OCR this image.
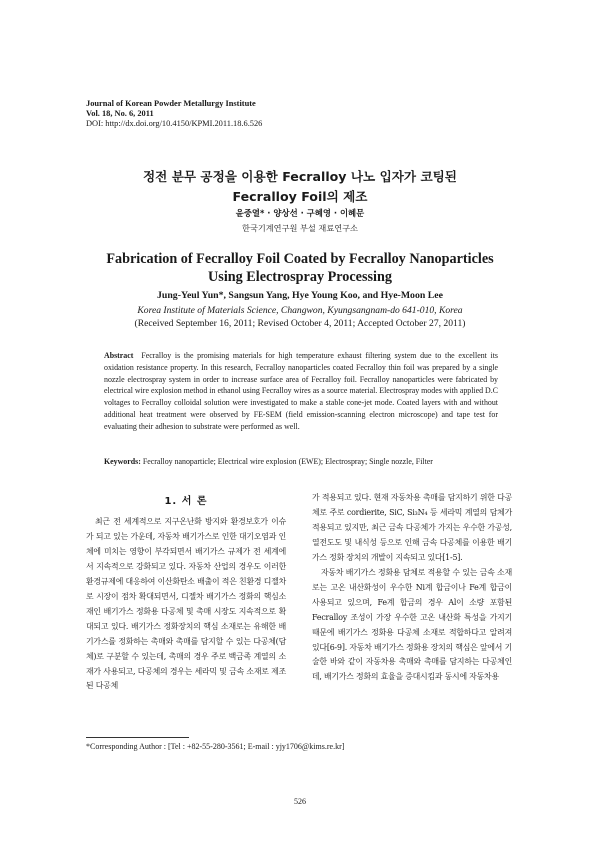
Journal of Korean Powder Metallurgy Institute
Vol. 18, No. 6, 2011
DOI: http://dx.doi.org/10.4150/KPMI.2011.18.6.526
정전 분무 공정을 이용한 Fecralloy 나노 입자가 코팅된
Fecralloy Foil의 제조
윤중열* · 양상선 · 구혜영 · 이혜문
한국기계연구원 부설 재료연구소
Fabrication of Fecralloy Foil Coated by Fecralloy Nanoparticles
Using Electrospray Processing
Jung-Yeul Yun*, Sangsun Yang, Hye Young Koo, and Hye-Moon Lee
Korea Institute of Materials Science, Changwon, Kyungsangnam-do 641-010, Korea
(Received September 16, 2011; Revised October 4, 2011; Accepted October 27, 2011)
Abstract Fecralloy is the promising materials for high temperature exhaust filtering system due to the excellent its oxidation resistance property. In this research, Fecralloy nanoparticles coated Fecralloy thin foil was prepared by a single nozzle electrospray system in order to increase surface area of Fecralloy foil. Fecralloy nanoparticles were fabricated by electrical wire explosion method in ethanol using Fecralloy wires as a source material. Electrospray modes with applied D.C voltages to Fecralloy colloidal solution were investigated to make a stable cone-jet mode. Coated layers with and without additional heat treatment were observed by FE-SEM (field emission-scanning electron microscope) and tape test for evaluating their adhesion to substrate were performed as well.
Keywords: Fecralloy nanoparticle; Electrical wire explosion (EWE); Electrospray; Single nozzle, Filter
1. 서 론

최근 전 세계적으로 지구온난화 방지와 환경보호가 이슈가 되고 있는 가운데, 자동차 배기가스로 인한 대기오염과 인체에 미치는 영향이 부각되면서 배기가스 규제가 전 세계에서 지속적으로 강화되고 있다. 자동차 산업의 경우도 이러한 환경규제에 대응하여 이산화탄소 배출이 적은 친환경 디젤차로 시장이 점차 확대되면서, 디젤차 배기가스 정화의 핵심소재인 배기가스 정화용 다공체 및 촉매 시장도 지속적으로 확대되고 있다. 배기가스 정화장치의 핵심 소재로는 유해한 배기가스를 정화하는 촉매와 촉매를 담지할 수 있는 다공체(담체)로 구분할 수 있는데, 촉매의 경우 주로 백금족 계열의 소재가 사용되고, 다공체의 경우는 세라믹 및 금속 소재로 제조된 다공체

가 적용되고 있다. 현재 자동차용 촉매를 담지하기 위한 다공체로 주로 cordierite, SiC, Si₃N₄ 등 세라믹 계열의 담체가 적용되고 있지만, 최근 금속 다공체가 가지는 우수한 가공성, 열전도도 및 내식성 등으로 인해 금속 다공체를 이용한 배기가스 정화 장치의 개발이 지속되고 있다[1-5].

자동차 배기가스 정화용 담체로 적용할 수 있는 금속 소재로는 고온 내산화성이 우수한 Ni계 합금이나 Fe계 합금이 사용되고 있으며, Fe계 합금의 경우 Al이 소량 포함된 Fecralloy 조성이 가장 우수한 고온 내산화 특성을 가지기 때문에 배기가스 정화용 다공체 소재로 적합하다고 알려져 있다[6-9]. 자동차 배기가스 정화용 장치의 핵심은 앞에서 기술한 바와 같이 자동차용 촉매와 촉매를 담지하는 다공체인데, 배기가스 정화의 효율을 증대시킴과 동시에 자동차용

*Corresponding Author : [Tel : +82-55-280-3561; E-mail : yjy1706@kims.re.kr]
526
